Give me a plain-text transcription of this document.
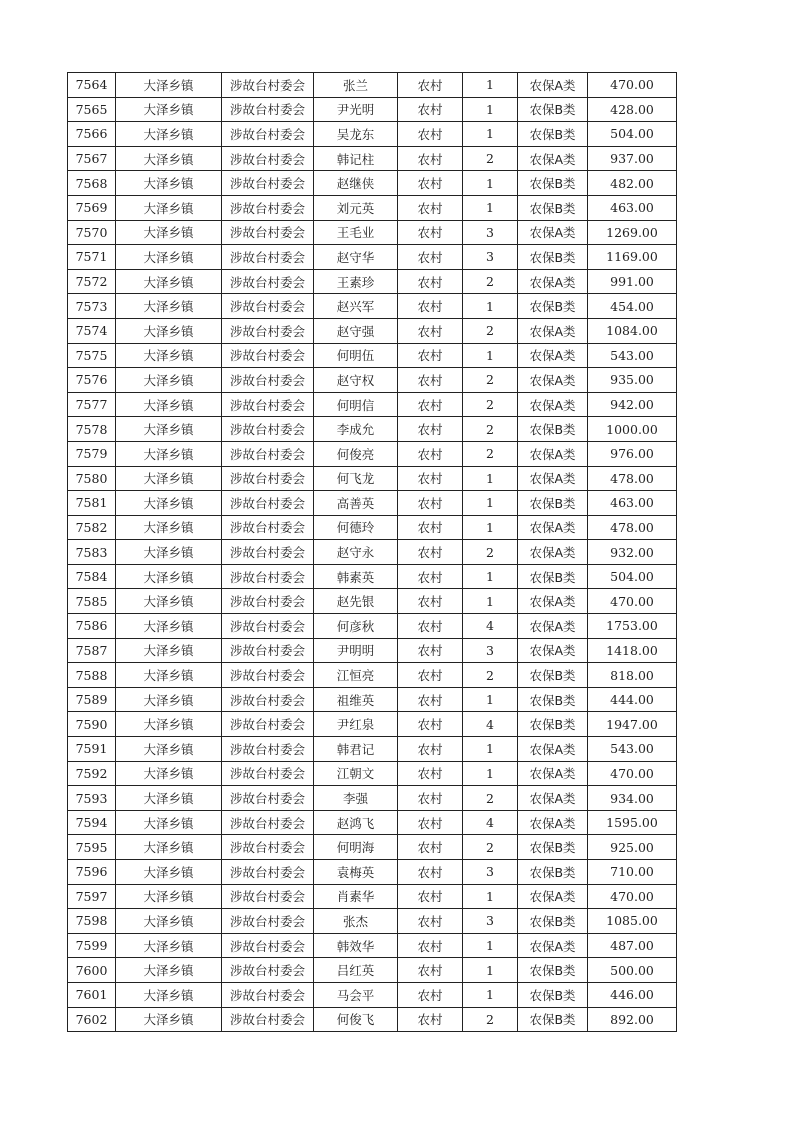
7564	大泽乡镇	涉故台村委会	张兰	农村	1	农保A类	470.00
7565	大泽乡镇	涉故台村委会	尹光明	农村	1	农保B类	428.00
7566	大泽乡镇	涉故台村委会	吴龙东	农村	1	农保B类	504.00
7567	大泽乡镇	涉故台村委会	韩记柱	农村	2	农保A类	937.00
7568	大泽乡镇	涉故台村委会	赵继侠	农村	1	农保B类	482.00
7569	大泽乡镇	涉故台村委会	刘元英	农村	1	农保B类	463.00
7570	大泽乡镇	涉故台村委会	王毛业	农村	3	农保A类	1269.00
7571	大泽乡镇	涉故台村委会	赵守华	农村	3	农保B类	1169.00
7572	大泽乡镇	涉故台村委会	王素珍	农村	2	农保A类	991.00
7573	大泽乡镇	涉故台村委会	赵兴军	农村	1	农保B类	454.00
7574	大泽乡镇	涉故台村委会	赵守强	农村	2	农保A类	1084.00
7575	大泽乡镇	涉故台村委会	何明伍	农村	1	农保A类	543.00
7576	大泽乡镇	涉故台村委会	赵守权	农村	2	农保A类	935.00
7577	大泽乡镇	涉故台村委会	何明信	农村	2	农保A类	942.00
7578	大泽乡镇	涉故台村委会	李成允	农村	2	农保B类	1000.00
7579	大泽乡镇	涉故台村委会	何俊亮	农村	2	农保A类	976.00
7580	大泽乡镇	涉故台村委会	何飞龙	农村	1	农保A类	478.00
7581	大泽乡镇	涉故台村委会	高善英	农村	1	农保B类	463.00
7582	大泽乡镇	涉故台村委会	何德玲	农村	1	农保A类	478.00
7583	大泽乡镇	涉故台村委会	赵守永	农村	2	农保A类	932.00
7584	大泽乡镇	涉故台村委会	韩素英	农村	1	农保B类	504.00
7585	大泽乡镇	涉故台村委会	赵先银	农村	1	农保A类	470.00
7586	大泽乡镇	涉故台村委会	何彦秋	农村	4	农保A类	1753.00
7587	大泽乡镇	涉故台村委会	尹明明	农村	3	农保A类	1418.00
7588	大泽乡镇	涉故台村委会	江恒亮	农村	2	农保B类	818.00
7589	大泽乡镇	涉故台村委会	祖维英	农村	1	农保B类	444.00
7590	大泽乡镇	涉故台村委会	尹红泉	农村	4	农保B类	1947.00
7591	大泽乡镇	涉故台村委会	韩君记	农村	1	农保A类	543.00
7592	大泽乡镇	涉故台村委会	江朝文	农村	1	农保A类	470.00
7593	大泽乡镇	涉故台村委会	李强	农村	2	农保A类	934.00
7594	大泽乡镇	涉故台村委会	赵鸿飞	农村	4	农保A类	1595.00
7595	大泽乡镇	涉故台村委会	何明海	农村	2	农保B类	925.00
7596	大泽乡镇	涉故台村委会	袁梅英	农村	3	农保B类	710.00
7597	大泽乡镇	涉故台村委会	肖素华	农村	1	农保A类	470.00
7598	大泽乡镇	涉故台村委会	张杰	农村	3	农保B类	1085.00
7599	大泽乡镇	涉故台村委会	韩效华	农村	1	农保A类	487.00
7600	大泽乡镇	涉故台村委会	吕红英	农村	1	农保B类	500.00
7601	大泽乡镇	涉故台村委会	马会平	农村	1	农保B类	446.00
7602	大泽乡镇	涉故台村委会	何俊飞	农村	2	农保B类	892.00
